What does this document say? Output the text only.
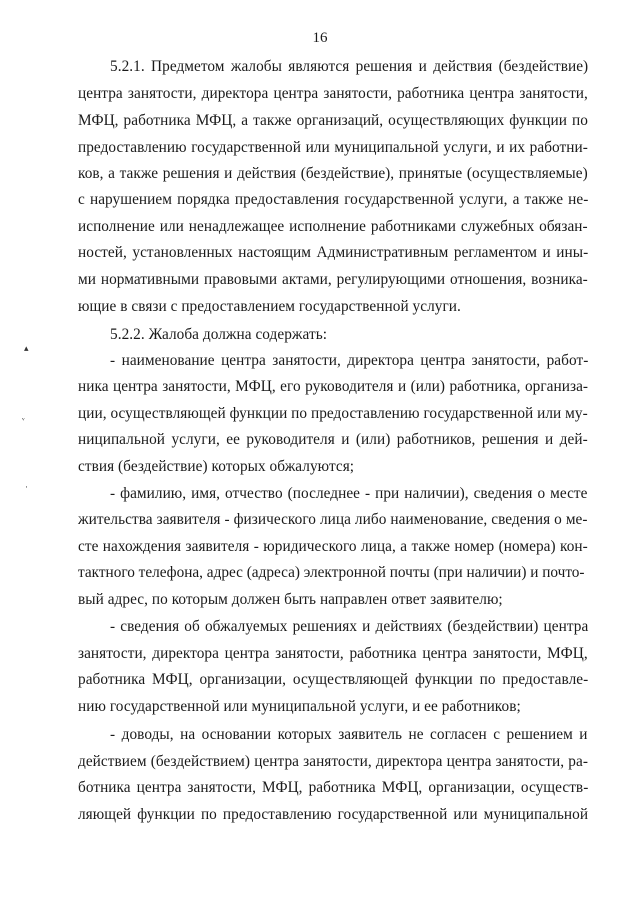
16
5.2.1. Предметом жалобы являются решения и действия (бездействие)
центра занятости, директора центра занятости, работника центра занятости,
МФЦ, работника МФЦ, а также организаций, осуществляющих функции по
предоставлению государственной или муниципальной услуги, и их работни-
ков, а также решения и действия (бездействие), принятые (осуществляемые)
с нарушением порядка предоставления государственной услуги, а также не-
исполнение или ненадлежащее исполнение работниками служебных обязан-
ностей, установленных настоящим Административным регламентом и ины-
ми нормативными правовыми актами, регулирующими отношения, возника-
ющие в связи с предоставлением государственной услуги.
5.2.2. Жалоба должна содержать:
- наименование центра занятости, директора центра занятости, работ-
ника центра занятости, МФЦ, его руководителя и (или) работника, организа-
ции, осуществляющей функции по предоставлению государственной или му-
ниципальной услуги, ее руководителя и (или) работников, решения и дей-
ствия (бездействие) которых обжалуются;
- фамилию, имя, отчество (последнее - при наличии), сведения о месте
жительства заявителя - физического лица либо наименование, сведения о ме-
сте нахождения заявителя - юридического лица, а также номер (номера) кон-
тактного телефона, адрес (адреса) электронной почты (при наличии) и почто-
вый адрес, по которым должен быть направлен ответ заявителю;
- сведения об обжалуемых решениях и действиях (бездействии) центра
занятости, директора центра занятости, работника центра занятости, МФЦ,
работника МФЦ, организации, осуществляющей функции по предоставле-
нию государственной или муниципальной услуги, и ее работников;
- доводы, на основании которых заявитель не согласен с решением и
действием (бездействием) центра занятости, директора центра занятости, ра-
ботника центра занятости, МФЦ, работника МФЦ, организации, осуществ-
ляющей функции по предоставлению государственной или муниципальной
▴
ᵛ
·
